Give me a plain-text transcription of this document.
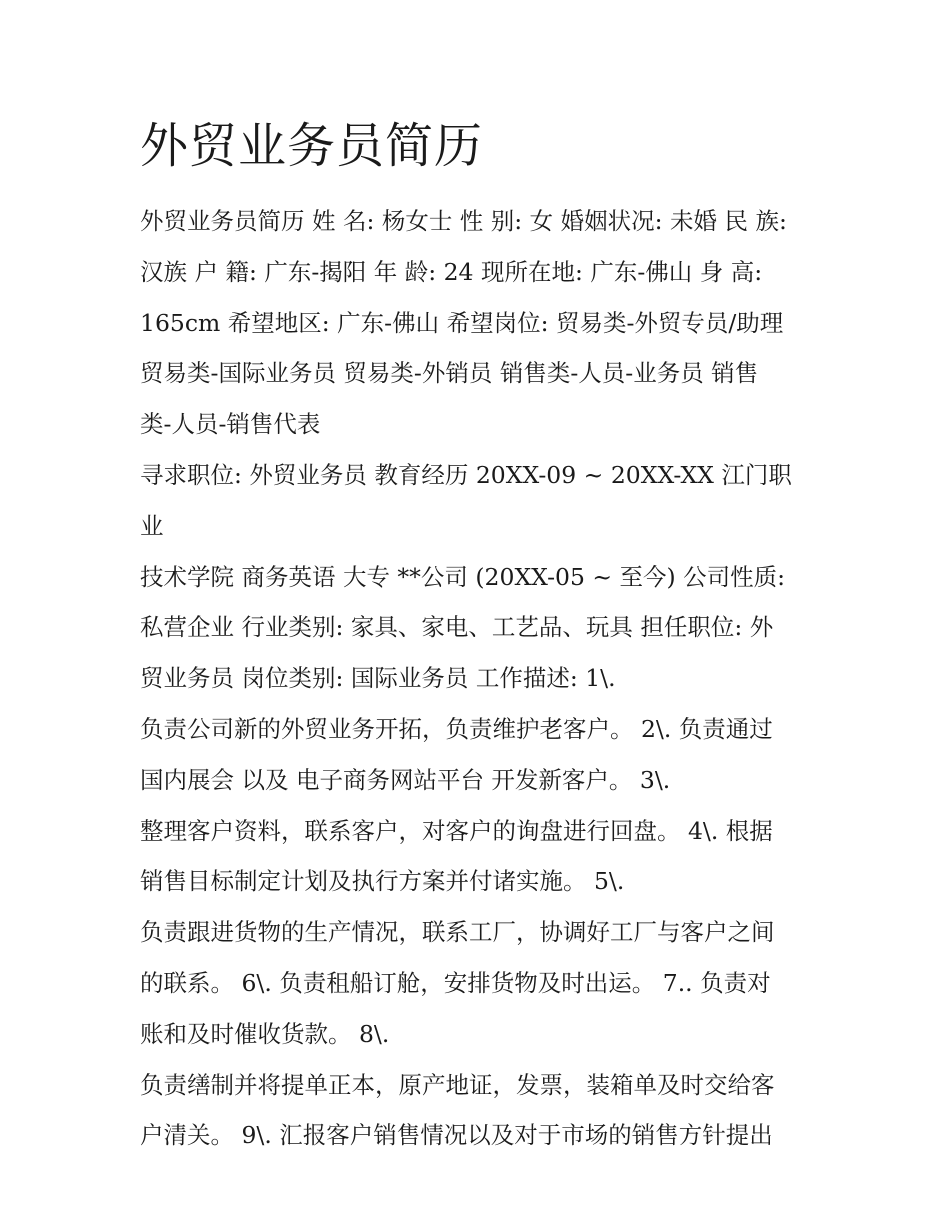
外贸业务员简历

外贸业务员简历 姓 名: 杨女士 性 别: 女 婚姻状况: 未婚 民 族:
汉族 户 籍: 广东-揭阳 年 龄: 24 现所在地: 广东-佛山 身 高:
165cm 希望地区: 广东-佛山 希望岗位: 贸易类-外贸专员/助理
贸易类-国际业务员 贸易类-外销员 销售类-人员-业务员 销售
类-人员-销售代表

寻求职位: 外贸业务员 教育经历 20XX-09 ~ 20XX-XX 江门职业
技术学院 商务英语 大专 **公司 (20XX-05 ~ 至今) 公司性质:
私营企业 行业类别: 家具、家电、工艺品、玩具 担任职位: 外
贸业务员 岗位类别: 国际业务员 工作描述: 1\.

负责公司新的外贸业务开拓，负责维护老客户。 2\. 负责通过
国内展会 以及 电子商务网站平台 开发新客户。 3\.

整理客户资料，联系客户，对客户的询盘进行回盘。 4\. 根据
销售目标制定计划及执行方案并付诸实施。 5\.

负责跟进货物的生产情况，联系工厂，协调好工厂与客户之间
的联系。 6\. 负责租船订舱，安排货物及时出运。 7.. 负责对
账和及时催收货款。 8\.

负责缮制并将提单正本，原产地证，发票，装箱单及时交给客
户清关。 9\. 汇报客户销售情况以及对于市场的销售方针提出
